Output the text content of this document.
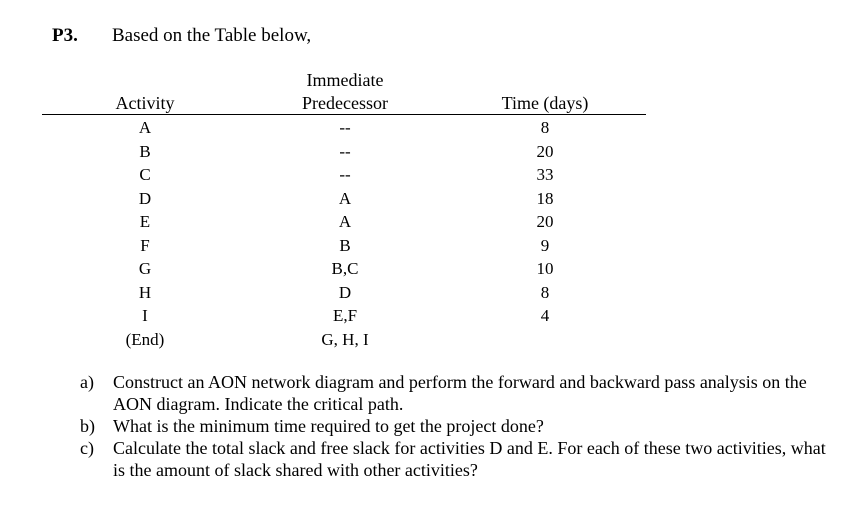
P3. Based on the Table below,
Immediate
Predecessor
Activity	Time (days)
A
B
C
D
E
F
G
H
I
(End)
--
--
--
A
A
B
B,C
D
E,F
G, H, I
8
20
33
18
20
9
10
8
4
a) Construct an AON network diagram and perform the forward and backward pass analysis on the AON diagram. Indicate the critical path.
b) What is the minimum time required to get the project done?
c) Calculate the total slack and free slack for activities D and E. For each of these two activities, what is the amount of slack shared with other activities?
